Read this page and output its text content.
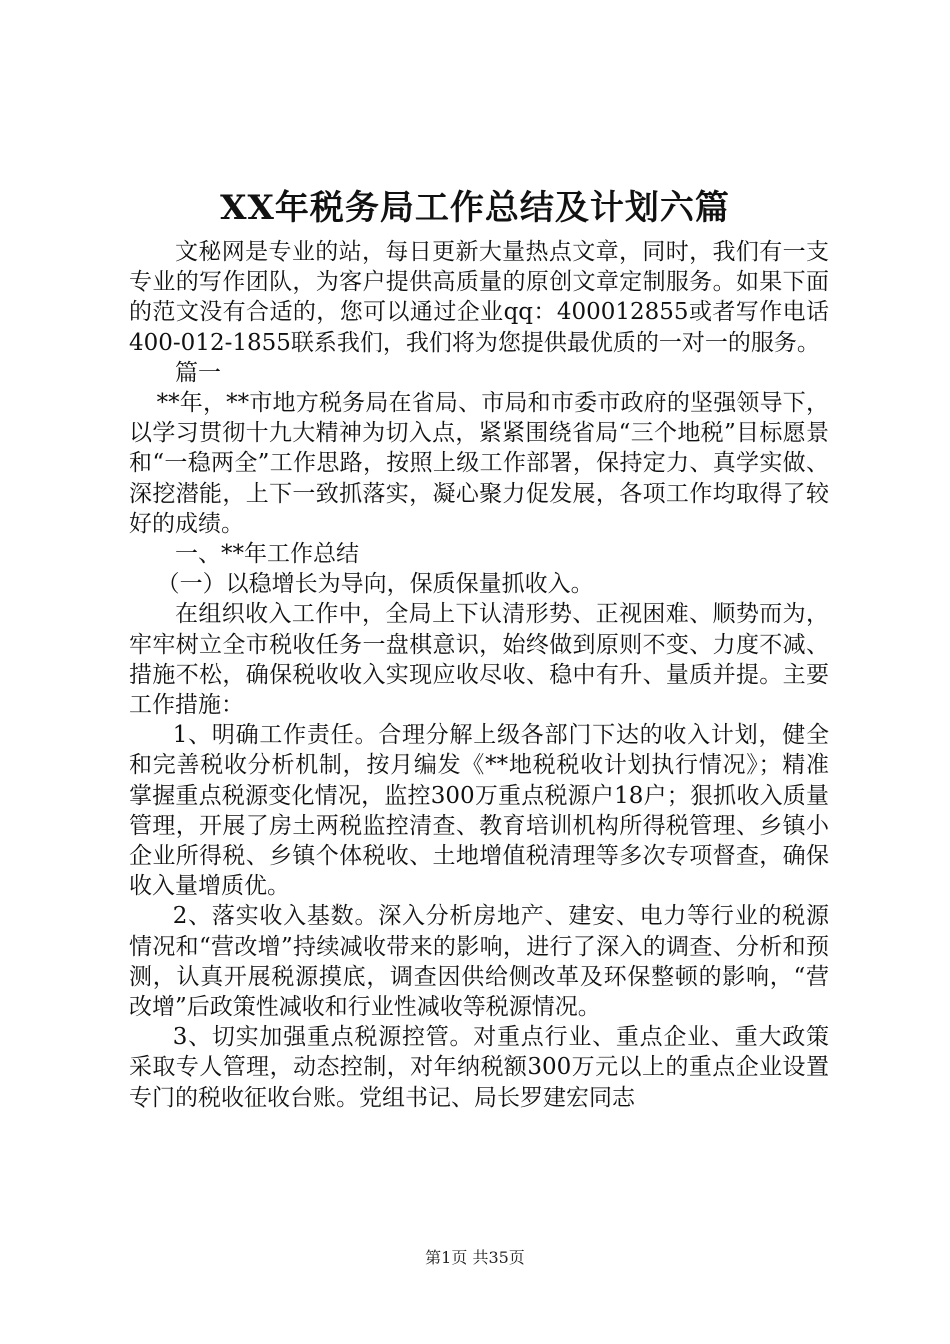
XX年税务局工作总结及计划六篇

文秘网是专业的站，每日更新大量热点文章，同时，我们有一支专业的写作团队，为客户提供高质量的原创文章定制服务。如果下面的范文没有合适的，您可以通过企业qq：400012855或者写作电话400-012-1855联系我们，我们将为您提供最优质的一对一的服务。

篇一

**年，**市地方税务局在省局、市局和市委市政府的坚强领导下，以学习贯彻十九大精神为切入点，紧紧围绕省局“三个地税”目标愿景和“一稳两全”工作思路，按照上级工作部署，保持定力、真学实做、深挖潜能，上下一致抓落实，凝心聚力促发展，各项工作均取得了较好的成绩。

一、**年工作总结

（一）以稳增长为导向，保质保量抓收入。

在组织收入工作中，全局上下认清形势、正视困难、顺势而为，牢牢树立全市税收任务一盘棋意识，始终做到原则不变、力度不减、措施不松，确保税收收入实现应收尽收、稳中有升、量质并提。主要工作措施：

1、明确工作责任。合理分解上级各部门下达的收入计划，健全和完善税收分析机制，按月编发《**地税税收计划执行情况》；精准掌握重点税源变化情况，监控300万重点税源户18户；狠抓收入质量管理，开展了房土两税监控清查、教育培训机构所得税管理、乡镇小企业所得税、乡镇个体税收、土地增值税清理等多次专项督查，确保收入量增质优。

2、落实收入基数。深入分析房地产、建安、电力等行业的税源情况和“营改增”持续减收带来的影响，进行了深入的调查、分析和预测，认真开展税源摸底，调查因供给侧改革及环保整顿的影响，“营改增”后政策性减收和行业性减收等税源情况。

3、切实加强重点税源控管。对重点行业、重点企业、重大政策采取专人管理，动态控制，对年纳税额300万元以上的重点企业设置专门的税收征收台账。党组书记、局长罗建宏同志

第1页 共35页
